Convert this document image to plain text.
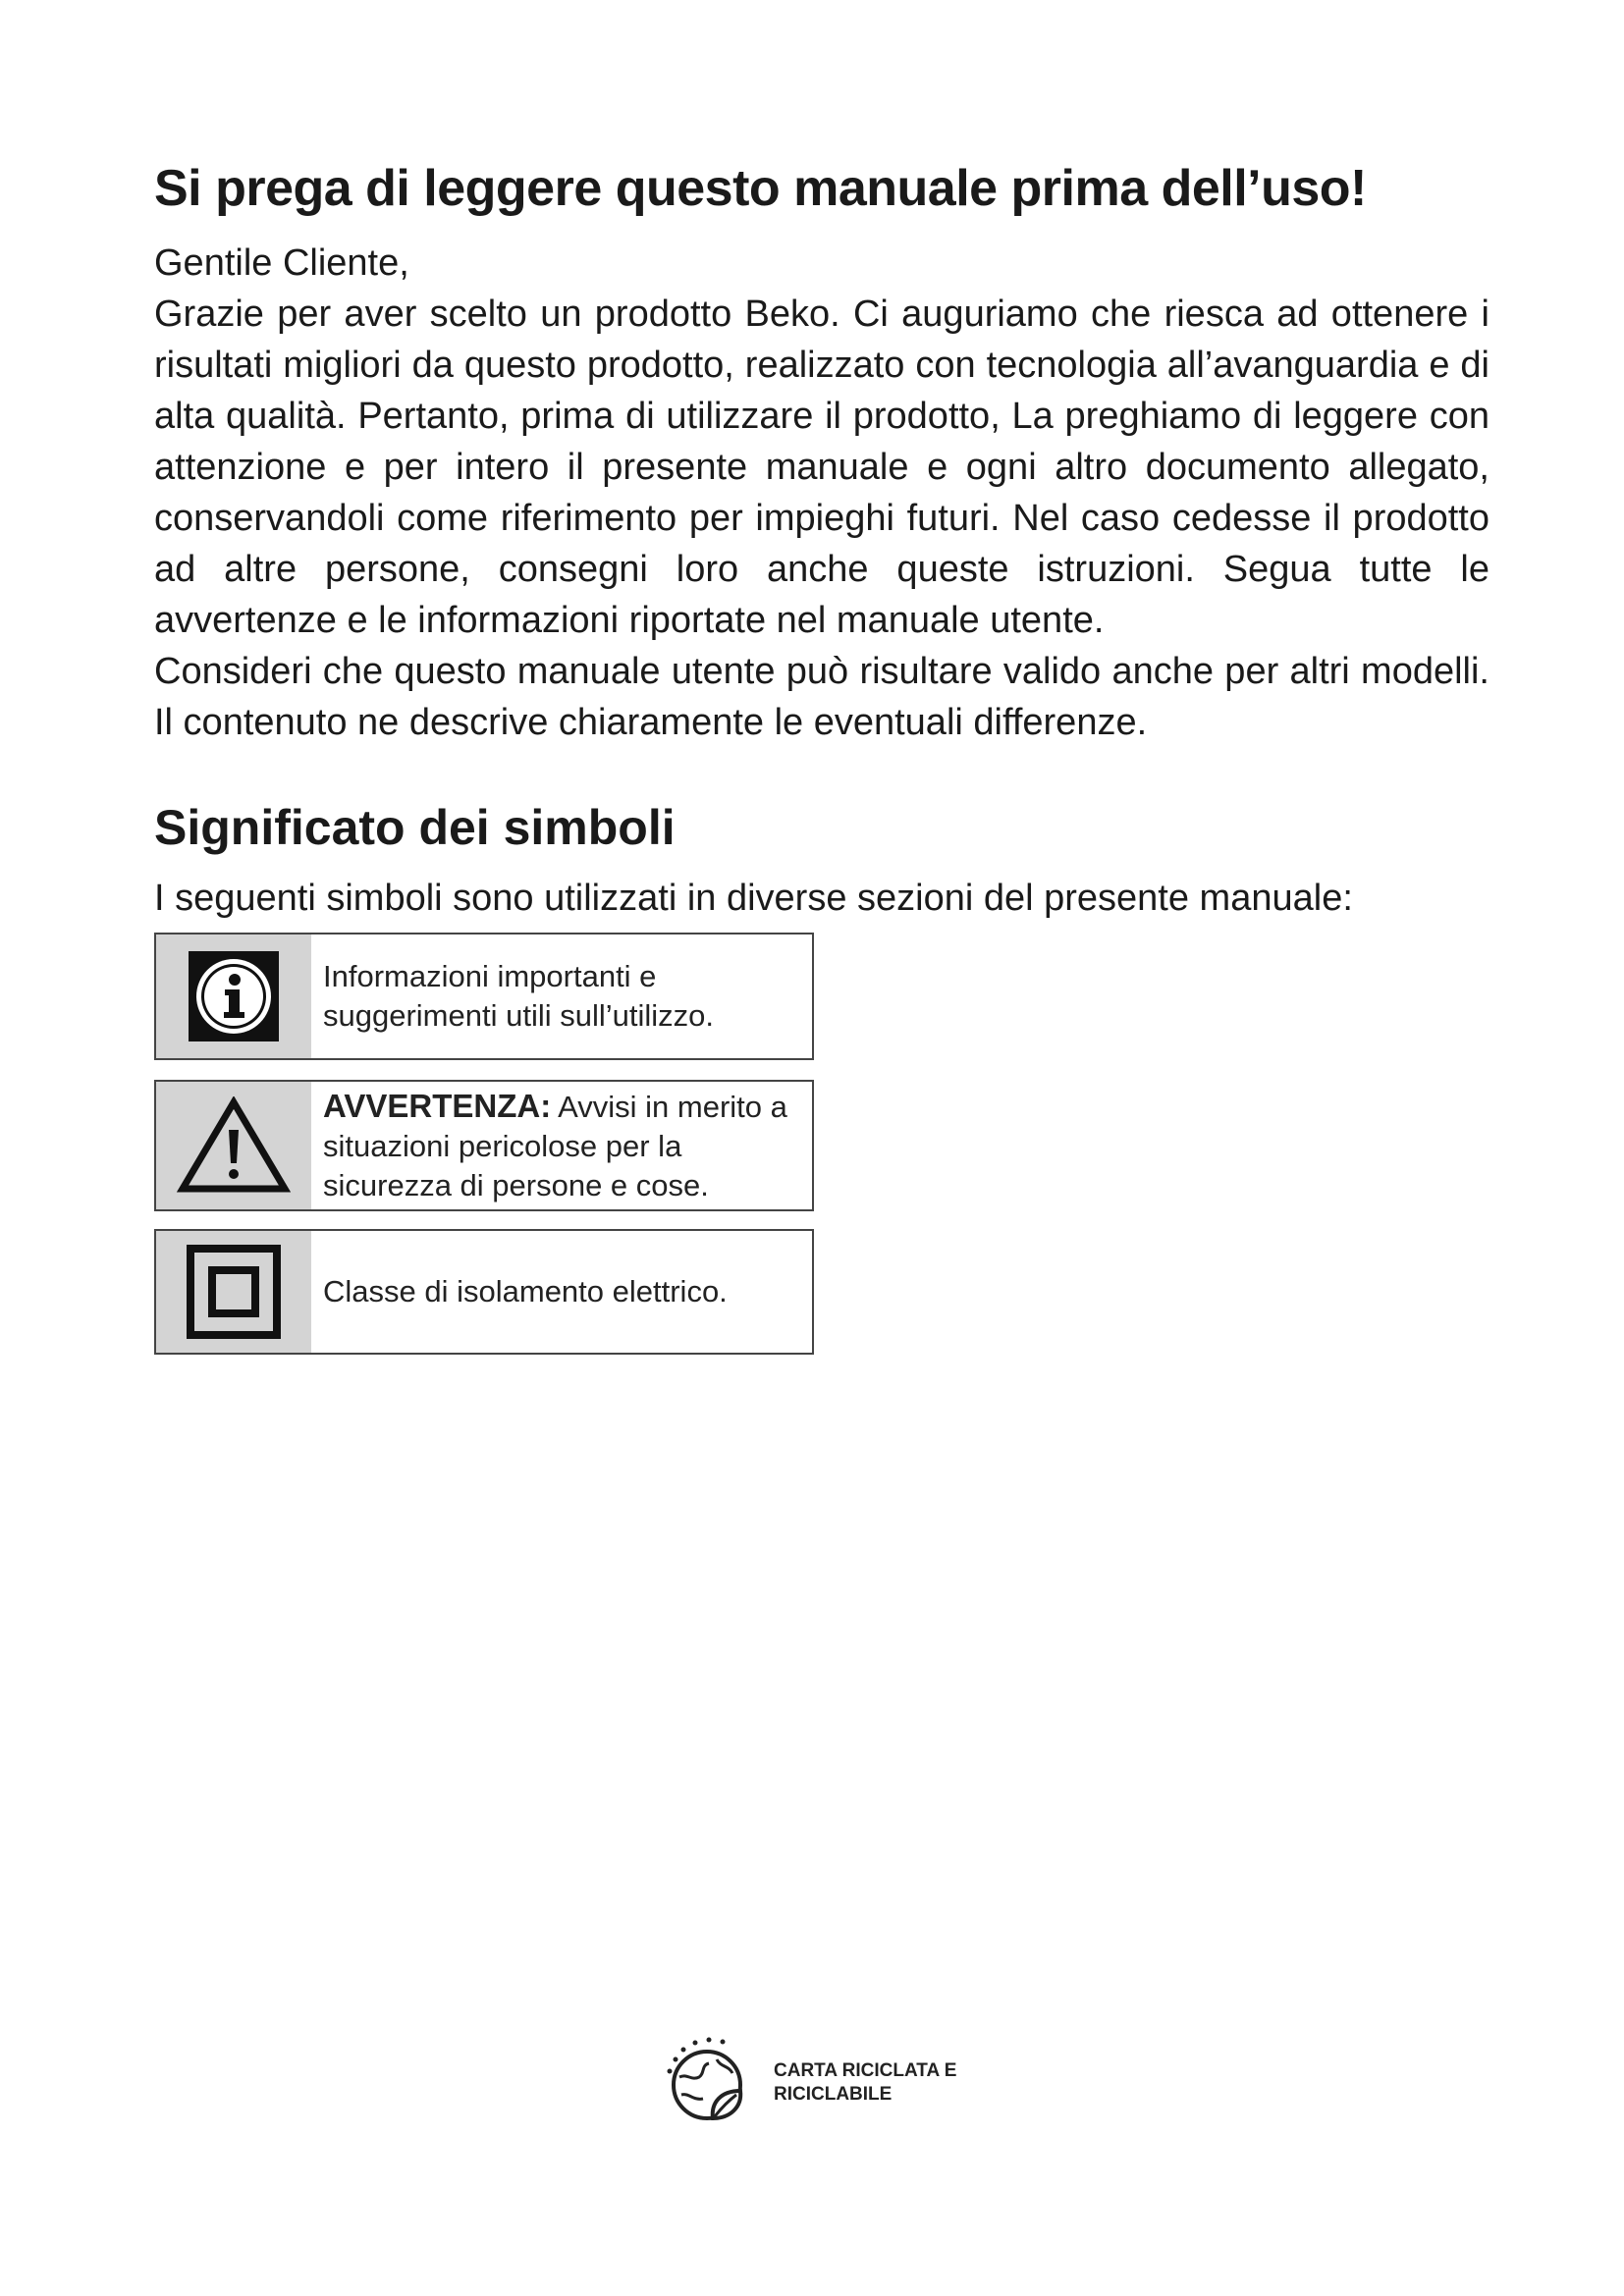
Si prega di leggere questo manuale prima dell’uso!

Gentile Cliente,

Grazie per aver scelto un prodotto Beko. Ci auguriamo che riesca ad ottenere i risultati migliori da questo prodotto, realizzato con tecnologia all’avanguardia e di alta qualità. Pertanto, prima di utilizzare il prodotto, La preghiamo di leggere con attenzione e per intero il presente manuale e ogni altro documento allegato, conservandoli come riferimento per impieghi futuri. Nel caso cedesse il prodotto ad altre persone, consegni loro anche queste istruzioni. Segua tutte le avvertenze e le informazioni riportate nel manuale utente.

Consideri che questo manuale utente può risultare valido anche per altri modelli. Il contenuto ne descrive chiaramente le eventuali differenze.

Significato dei simboli

I seguenti simboli sono utilizzati in diverse sezioni del presente manuale:

Informazioni importanti e suggerimenti utili sull’utilizzo.
AVVERTENZA: Avvisi in merito a situazioni pericolose per la sicurezza di persone e cose.
Classe di isolamento elettrico.
CARTA RICICLATA E
RICICLABILE
